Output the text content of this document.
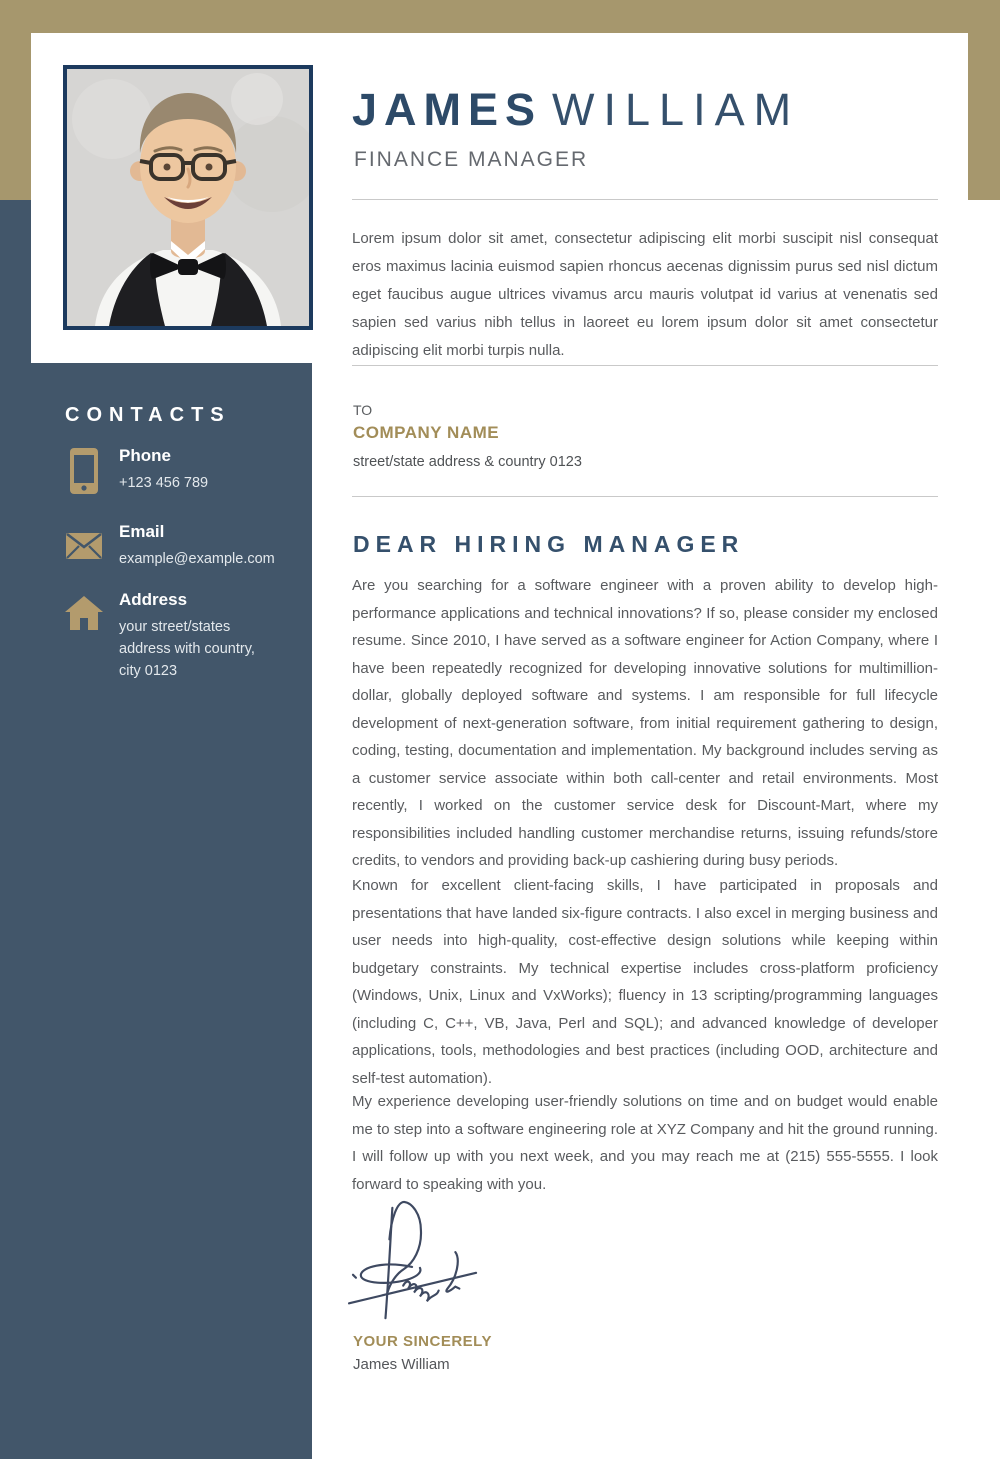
CONTACTS
Phone
+123 456 789
Email
example@example.com
Address
your street/states address with country, city 0123
JAMES WILLIAM
FINANCE MANAGER

Lorem ipsum dolor sit amet, consectetur adipiscing elit morbi suscipit nisl consequat eros maximus lacinia euismod sapien rhoncus aecenas dignissim purus sed nisl dictum eget faucibus augue ultrices vivamus arcu mauris volutpat id varius at venenatis sed sapien sed varius nibh tellus in laoreet eu lorem ipsum dolor sit amet consectetur adipiscing elit morbi turpis nulla.

TO
COMPANY NAME
street/state address & country 0123
DEAR HIRING MANAGER

Are you searching for a software engineer with a proven ability to develop high-performance applications and technical innovations? If so, please consider my enclosed resume. Since 2010, I have served as a software engineer for Action Company, where I have been repeatedly recognized for developing innovative solutions for multimillion-dollar, globally deployed software and systems. I am responsible for full lifecycle development of next-generation software, from initial requirement gathering to design, coding, testing, documentation and implementation. My background includes serving as a customer service associate within both call-center and retail environments. Most recently, I worked on the customer service desk for Discount-Mart, where my responsibilities included handling customer merchandise returns, issuing refunds/store credits, to vendors and providing back-up cashiering during busy periods.

Known for excellent client-facing skills, I have participated in proposals and presentations that have landed six-figure contracts. I also excel in merging business and user needs into high-quality, cost-effective design solutions while keeping within budgetary constraints. My technical expertise includes cross-platform proficiency (Windows, Unix, Linux and VxWorks); fluency in 13 scripting/programming languages (including C, C++, VB, Java, Perl and SQL); and advanced knowledge of developer applications, tools, methodologies and best practices (including OOD, architecture and self-test automation).

My experience developing user-friendly solutions on time and on budget would enable me to step into a software engineering role at XYZ Company and hit the ground running. I will follow up with you next week, and you may reach me at (215) 555-5555. I look forward to speaking with you.

YOUR SINCERELY
James William
